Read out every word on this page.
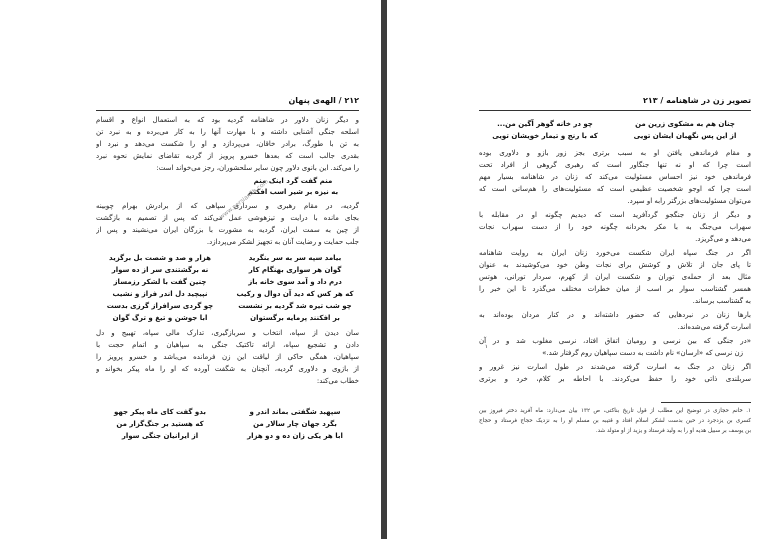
۲۱۲ / الهه‌ی پنهان
و دیگر زنان دلاور در شاهنامه گردیه بود که به استعمال انواع و اقسام
اسلحه جنگی آشنایی داشته و با مهارت آنها را به کار می‌برده و به نبرد تن
به تن با طورگ، برادر خاقان، می‌پردازد و او را شکست می‌دهد و نبرد او
بقدری جالب است که بعدها خسرو پرویز از گردیه تقاضای نمایش نحوه نبرد
را می‌کند. این بانوی دلاور چون سایر سلحشوران، رجز می‌خواند است:
منم گفت گرد اینک منم
به نیزه بر شیر اسب افکنم
گردیه، در مقام رهبری و سرداری سپاهی که از برادرش بهرام چوبینه
بجای مانده با درایت و تیزهوشی عمل می‌کند که پس از تصمیم به بازگشت
از چین به سمت ایران، گردیه به مشورت با بزرگان ایران می‌نشیند و پس از
جلب حمایت و رضایت آنان به تجهیز لشکر می‌پردازد.
بیامد سپه سر به سر بنگرید
هزار و صد و شصت بل برگزید
گوان هر سواری بهنگام کار
نه برگشتندی سر از ده سوار
درم داد و آمد سوی خانه باز
چنین گفت با لشکر رزمساز
که هر کس که دید آن دوال و رکیب
نپیچید دل اندر فراز و نشیب
چو شب تیره شد گردیه بر نشست
چو گردی سرافراز گرزی بدست
بر افکنند پرمایه برگستوان
ابا جوشن و تیغ و ترگ گوان
سان دیدن از سپاه، انتخاب و سربازگیری، تدارک مالی سپاه، تهییج و دل
دادن و تشجیع سپاه، ارائه تاکتیک جنگی به سپاهیان و اتمام حجت با
سپاهیان، همگی حاکی از لیاقت این زن فرمانده می‌باشد و خسرو پرویز را
از بازوی و دلاوری گردیه، آنچنان به شگفت آورده که او را ماه پیکر بخواند و
خطاب می‌کند:
سپهبد شگفتی بماند اندر و
بدو گفت کای ماه پیکر جهو
بگرد جهان چار سالار من
که هستید بر جنگ‌گزار من
ابا هر یکی زان ده و دو هزار
از ایرانیان جنگی سوار
www.persianlib.com
تصویر زن در شاهنامه / ۲۱۳
چنان هم به مشکوی زرین من
چو در خانه گوهر آگین من...
از این پس نگهبان ایشان تویی
که با رنج و تیمار خویشان تویی
و مقام فرماندهی یافتن او به سبب برتری بجز زور بازو و دلاوری بوده
است چرا که او نه تنها جنگاور است که رهبری گروهی از افراد تحت
فرماندهی خود نیز احساس مسئولیت می‌کند که زنان در شاهنامه بسیار مهم
است چرا که اوجو شخصیت عظیمی است که مسئولیت‌های را هم‌سانی است که
می‌توان مسئولیت‌های بزرگتر رابه او سپرد.
و دیگر از زنان جنگجو گردآفرید است که دیدیم چگونه او در مقابله با
سهراب می‌جنگ به با مکر بخردانه چگونه خود را از دست سهراب نجات
می‌دهد و می‌گریزد.
اگر در جنگ سپاه ایران شکست می‌خورد زنان ایران به روایت شاهنامه
تا پای جان از تلاش و کوشش برای نجات وطن خود می‌کوشیدند به عنوان
مثال بعد از حمله‌ی توران و شکست ایران از کهرم، سردار تورانی، هوتس
همسر گشتاسب سوار بر اسب از میان خطرات مختلف می‌گذرد تا این خبر را
به گشتاسب برساند.
بارها زنان در نبردهایی که حضور داشته‌اند و در کنار مردان بوده‌اند به
اسارت گرفته می‌شده‌اند.
«در جنگی که بین نرسی و رومیان اتفاق افتاد، نرسی مغلوب شد و در آن
زن نرسی که «ارسان» نام داشت به دست سپاهیان روم گرفتار شد.»
۱
اگر زنان در جنگ به اسارت گرفته می‌شدند در طول اسارت نیز غرور و
سربلندی ذاتی خود را حفظ می‌کردند. با احاطه بر کلام، خرد و برتری
۱. خانم حجازی در توضیح این مطلب از قول تاریخ بناکتی، ص ۱۳۲ بیان می‌دارد: ماه آفرید دختر فیروز بین
کسری بن یزدجرد در حین بدست لشکر اسلام افتاد و قتیبه بن مسلم او را به نزدیک حجاج فرستاد و حجاج
بن یوسف بر سبیل هدیه او را به ولید فرستاد و یزید از او متولد شد.
